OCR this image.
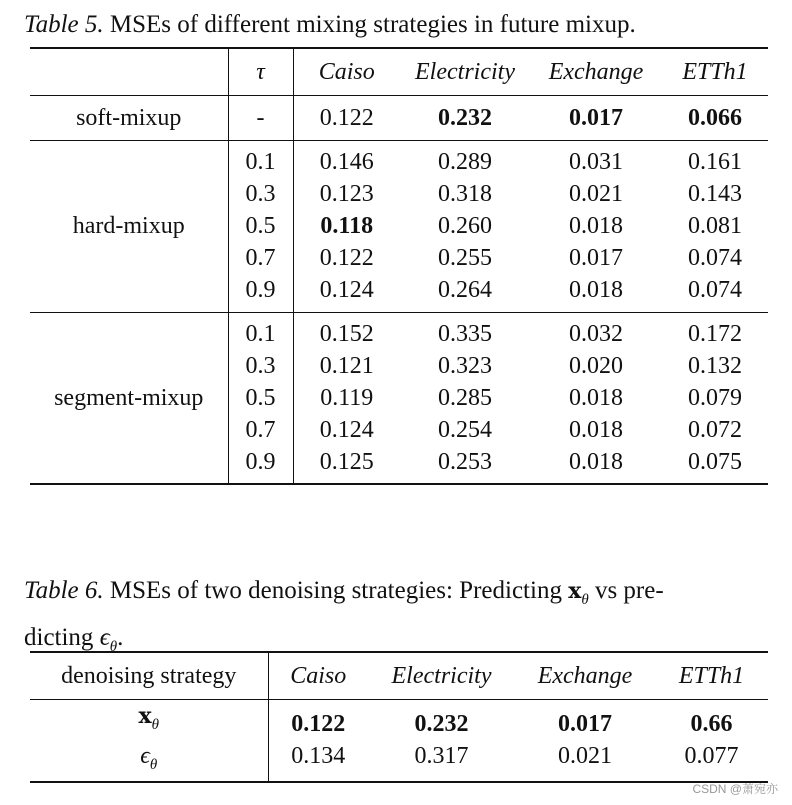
Table 5. MSEs of different mixing strategies in future mixup.
	τ	Caiso	Electricity	Exchange	ETTh1
soft-mixup	-	0.122	0.232	0.017	0.066
hard-mixup	0.1	0.146	0.289	0.031	0.161
	0.3	0.123	0.318	0.021	0.143
	0.5	0.118	0.260	0.018	0.081
	0.7	0.122	0.255	0.017	0.074
	0.9	0.124	0.264	0.018	0.074
segment-mixup	0.1	0.152	0.335	0.032	0.172
	0.3	0.121	0.323	0.020	0.132
	0.5	0.119	0.285	0.018	0.079
	0.7	0.124	0.254	0.018	0.072
	0.9	0.125	0.253	0.018	0.075
Table 6. MSEs of two denoising strategies: Predicting $x_\theta$ vs pre-
dicting $\epsilon_\theta$.
denoising strategy	Caiso	Electricity	Exchange	ETTh1
$x_\theta$	0.122	0.232	0.017	0.66
$\epsilon_\theta$	0.134	0.317	0.021	0.077
CSDN @萧宛亦
